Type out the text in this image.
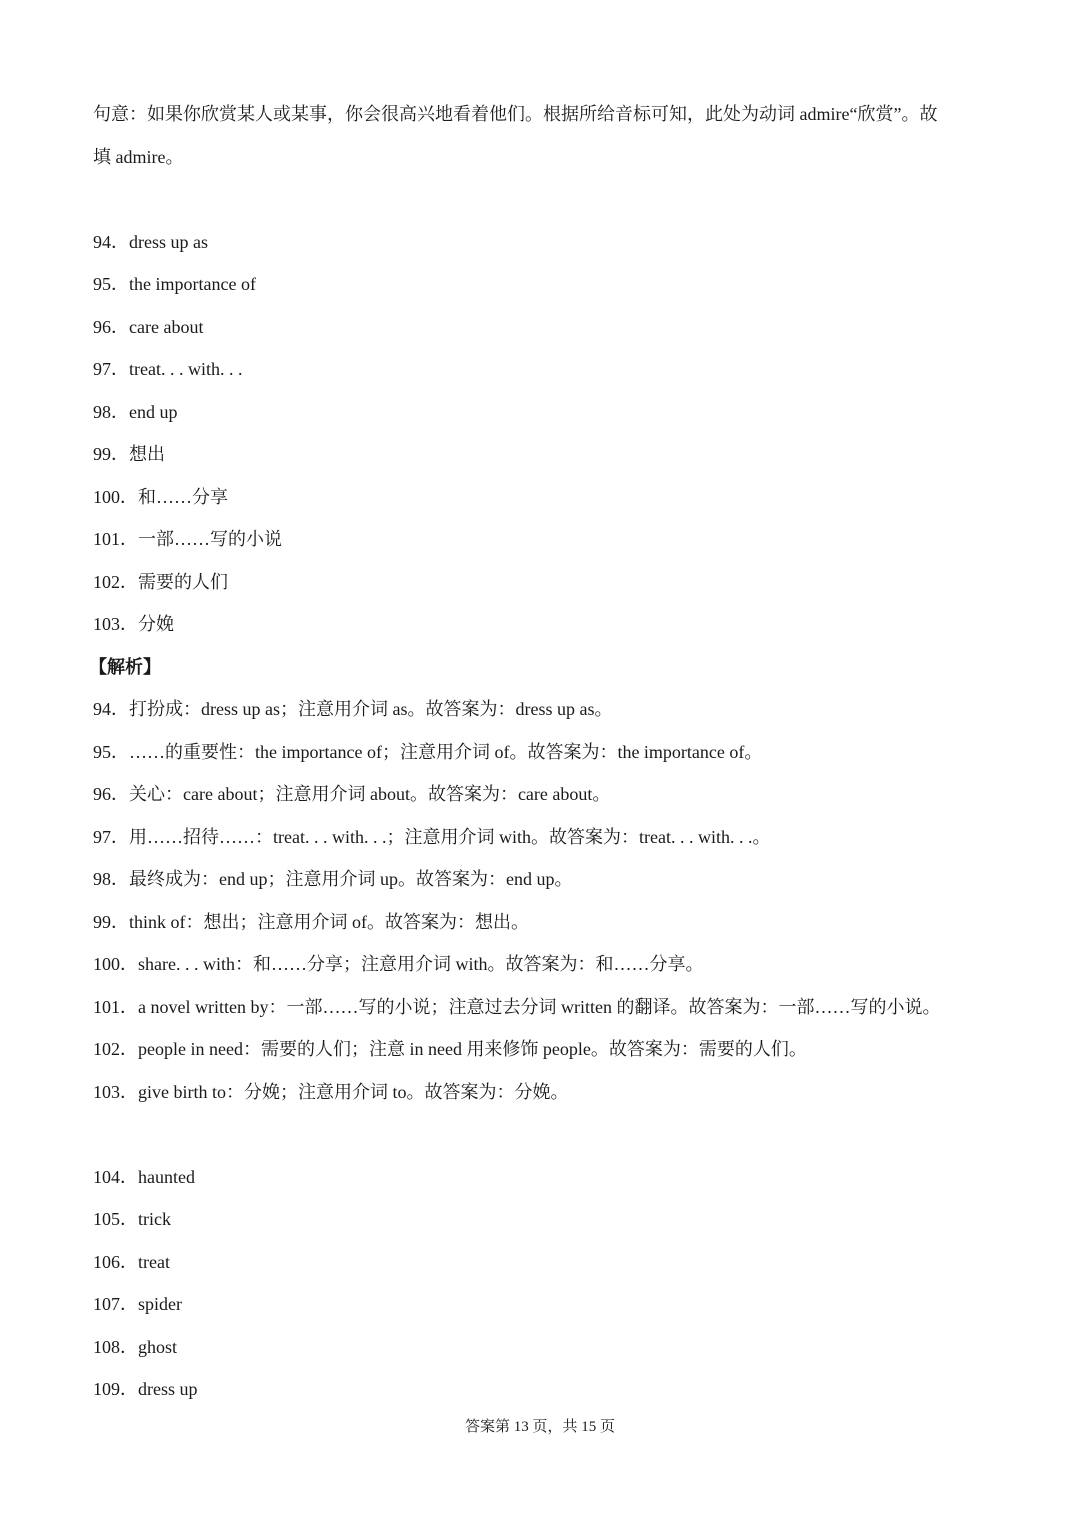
句意：如果你欣赏某人或某事，你会很高兴地看着他们。根据所给音标可知，此处为动词 admire“欣赏”。故
填 admire。
94．dress up as
95．the importance of
96．care about
97．treat. . . with. . .
98．end up
99．想出
100．和……分享
101．一部……写的小说
102．需要的人们
103．分娩
【解析】
94．打扮成：dress up as；注意用介词 as。故答案为：dress up as。
95．……的重要性：the importance of；注意用介词 of。故答案为：the importance of。
96．关心：care about；注意用介词 about。故答案为：care about。
97．用……招待……：treat. . . with. . .；注意用介词 with。故答案为：treat. . . with. . .。
98．最终成为：end up；注意用介词 up。故答案为：end up。
99．think of：想出；注意用介词 of。故答案为：想出。
100．share. . . with：和……分享；注意用介词 with。故答案为：和……分享。
101．a novel written by：一部……写的小说；注意过去分词 written 的翻译。故答案为：一部……写的小说。
102．people in need：需要的人们；注意 in need 用来修饰 people。故答案为：需要的人们。
103．give birth to：分娩；注意用介词 to。故答案为：分娩。
104．haunted
105．trick
106．treat
107．spider
108．ghost
109．dress up
答案第 13 页，共 15 页
